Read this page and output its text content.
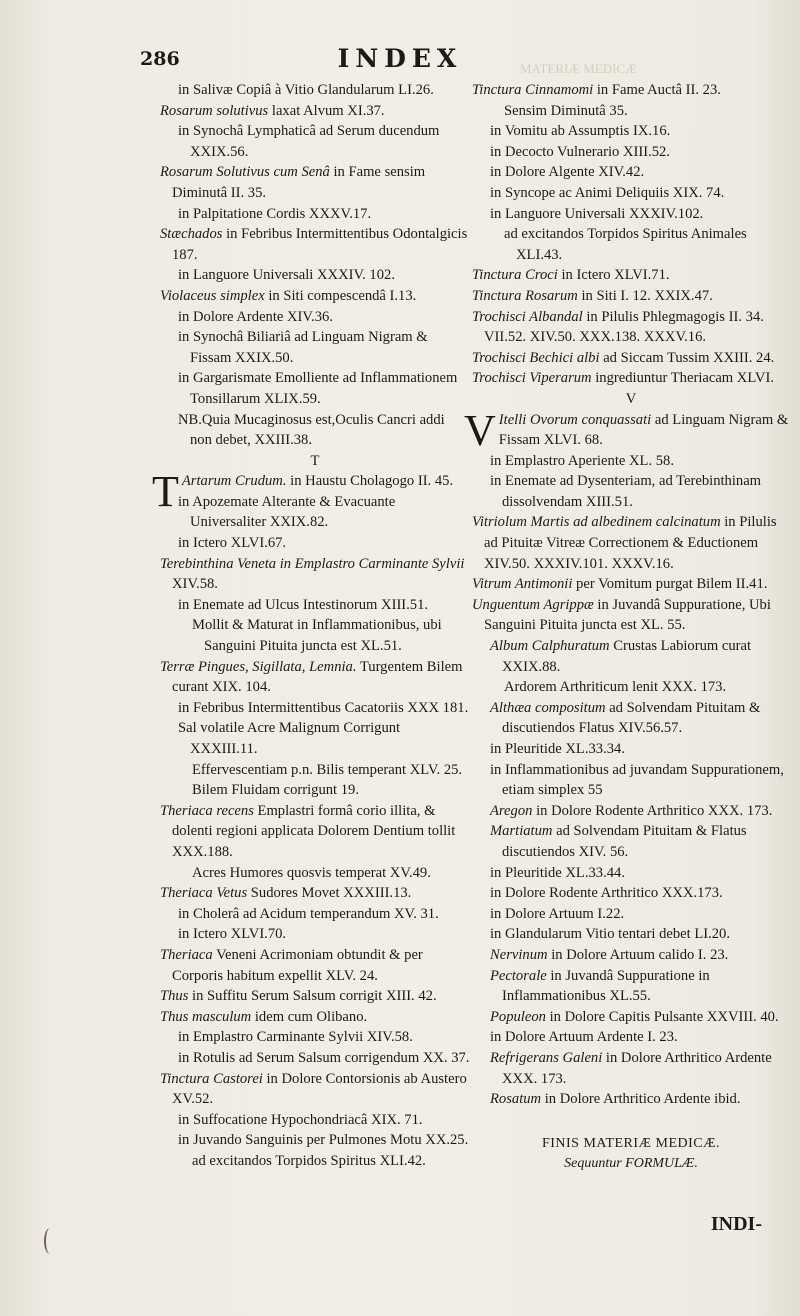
MATERIÆ MEDICÆ
286	INDEX
in Salivæ Copiâ à Vitio Glandularum LI.26.
Rosarum solutivus laxat Alvum XI.37.
in Synochâ Lymphaticâ ad Serum ducendum XXIX.56.
Rosarum Solutivus cum Senâ in Fame sensim Diminutâ II. 35.
in Palpitatione Cordis XXXV.17.
Stæchados in Febribus Intermittentibus Odontalgicis 187.
in Languore Universali XXXIV. 102.
Violaceus simplex in Siti compescendâ I.13.
in Dolore Ardente XIV.36.
in Synochâ Biliariâ ad Linguam Nigram & Fissam XXIX.50.
in Gargarismate Emolliente ad Inflammationem Tonsillarum XLIX.59.
NB.Quia Mucaginosus est,Oculis Cancri addi non debet, XXIII.38.
T
T Artarum Crudum. in Haustu Cholagogo II. 45.
in Apozemate Alterante & Evacuante Universaliter XXIX.82.
in Ictero XLVI.67.
Terebinthina Veneta in Emplastro Carminante Sylvii XIV.58.
in Enemate ad Ulcus Intestinorum XIII.51.
Mollit & Maturat in Inflammationibus, ubi Sanguini Pituita juncta est XL.51.
Terræ Pingues, Sigillata, Lemnia. Turgentem Bilem curant XIX. 104.
in Febribus Intermittentibus Cacatoriis XXX 181.
Sal volatile Acre Malignum Corrigunt XXXIII.11.
Effervescentiam p.n. Bilis temperant XLV. 25.
Bilem Fluidam corrigunt 19.
Theriaca recens Emplastri formâ corio illita, & dolenti regioni applicata Dolorem Dentium tollit XXX.188.
Acres Humores quosvis temperat XV.49.
Theriaca Vetus Sudores Movet XXXIII.13.
in Cholerâ ad Acidum temperandum XV. 31.
in Ictero XLVI.70.
Theriaca Veneni Acrimoniam obtundit & per Corporis habitum expellit XLV. 24.
Thus in Suffitu Serum Salsum corrigit XIII. 42.
Thus masculum idem cum Olibano.
in Emplastro Carminante Sylvii XIV.58.
in Rotulis ad Serum Salsum corrigendum XX. 37.
Tinctura Castorei in Dolore Contorsionis ab Austero XV.52.
in Suffocatione Hypochondriacâ XIX. 71.
in Juvando Sanguinis per Pulmones Motu XX.25.
ad excitandos Torpidos Spiritus XLI.42.
Tinctura Cinnamomi in Fame Auctâ II. 23.
Sensim Diminutâ 35.
in Vomitu ab Assumptis IX.16.
in Decocto Vulnerario XIII.52.
in Dolore Algente XIV.42.
in Syncope ac Animi Deliquiis XIX. 74.
in Languore Universali XXXIV.102.
ad excitandos Torpidos Spiritus Animales XLI.43.
Tinctura Croci in Ictero XLVI.71.
Tinctura Rosarum in Siti I. 12. XXIX.47.
Trochisci Albandal in Pilulis Phlegmagogis II. 34. VII.52. XIV.50. XXX.138. XXXV.16.
Trochisci Bechici albi ad Siccam Tussim XXIII. 24.
Trochisci Viperarum ingrediuntur Theriacam XLVI.
V
V Itelli Ovorum conquassati ad Linguam Nigram & Fissam XLVI. 68.
in Emplastro Aperiente XL. 58.
in Enemate ad Dysenteriam, ad Terebinthinam dissolvendam XIII.51.
Vitriolum Martis ad albedinem calcinatum in Pilulis ad Pituitæ Vitreæ Correctionem & Eductionem XIV.50. XXXIV.101. XXXV.16.
Vitrum Antimonii per Vomitum purgat Bilem II.41.
Unguentum Agrippæ in Juvandâ Suppuratione, Ubi Sanguini Pituita juncta est XL. 55.
Album Calphuratum Crustas Labiorum curat XXIX.88.
Ardorem Arthriticum lenit XXX. 173.
Althæa compositum ad Solvendam Pituitam & discutiendos Flatus XIV.56.57.
in Pleuritide XL.33.34.
in Inflammationibus ad juvandam Suppurationem, etiam simplex 55
Aregon in Dolore Rodente Arthritico XXX. 173.
Martiatum ad Solvendam Pituitam & Flatus discutiendos XIV. 56.
in Pleuritide XL.33.44.
in Dolore Rodente Arthritico XXX.173.
in Dolore Artuum I.22.
in Glandularum Vitio tentari debet LI.20.
Nervinum in Dolore Artuum calido I. 23.
Pectorale in Juvandâ Suppuratione in Inflammationibus XL.55.
Populeon in Dolore Capitis Pulsante XXVIII. 40.
in Dolore Artuum Ardente I. 23.
Refrigerans Galeni in Dolore Arthritico Ardente XXX. 173.
Rosatum in Dolore Arthritico Ardente ibid.
FINIS MATERIÆ MEDICÆ.
Sequuntur FORMULÆ.
INDI-
